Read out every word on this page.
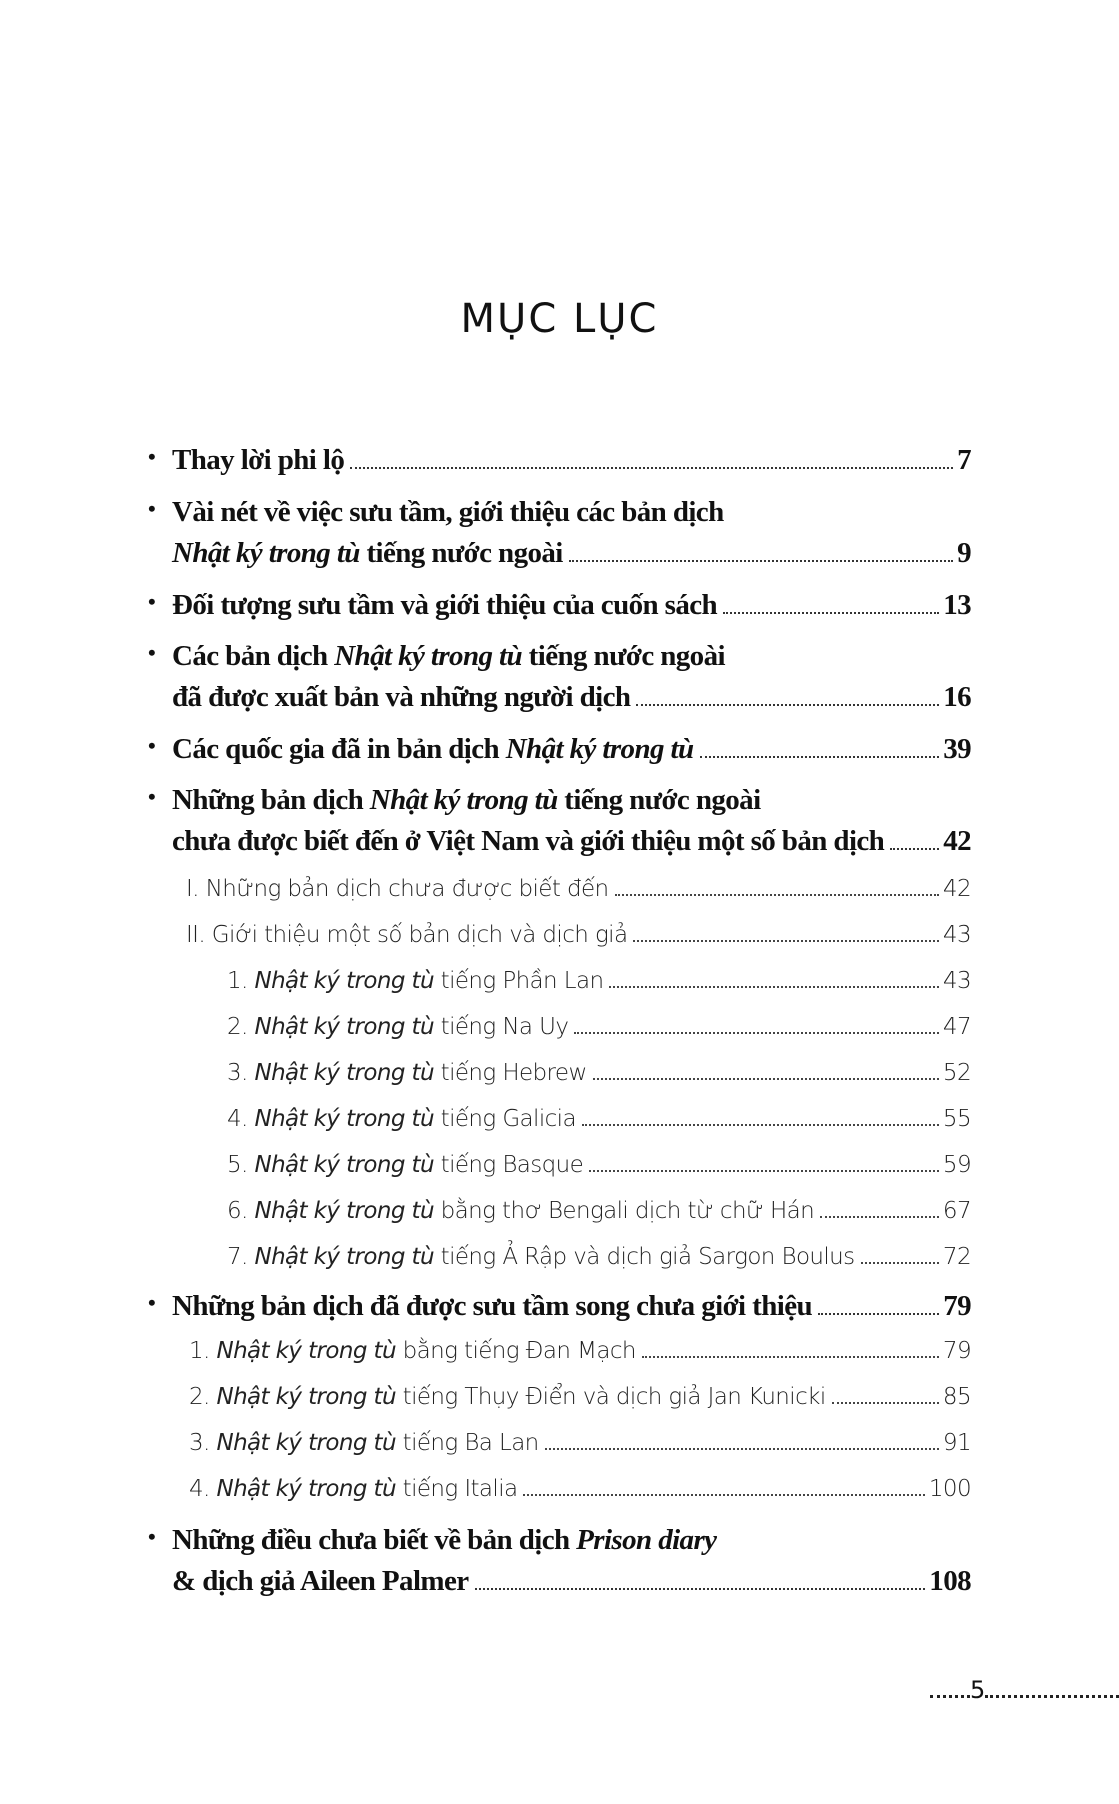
MỤC LỤC
• Thay lời phi lộ	7
• Vài nét về việc sưu tầm, giới thiệu các bản dịch
Nhật ký trong tù tiếng nước ngoài	9
• Đối tượng sưu tầm và giới thiệu của cuốn sách	13
• Các bản dịch Nhật ký trong tù tiếng nước ngoài
đã được xuất bản và những người dịch	16
• Các quốc gia đã in bản dịch Nhật ký trong tù	39
• Những bản dịch Nhật ký trong tù tiếng nước ngoài
chưa được biết đến ở Việt Nam và giới thiệu một số bản dịch 42
I. Những bản dịch chưa được biết đến	42
II. Giới thiệu một số bản dịch và dịch giả	43
1. Nhật ký trong tù tiếng Phần Lan	43
2. Nhật ký trong tù tiếng Na Uy	47
3. Nhật ký trong tù tiếng Hebrew	52
4. Nhật ký trong tù tiếng Galicia	55
5. Nhật ký trong tù tiếng Basque	59
6. Nhật ký trong tù bằng thơ Bengali dịch từ chữ Hán	67
7. Nhật ký trong tù tiếng Ả Rập và dịch giả Sargon Boulus	72
• Những bản dịch đã được sưu tầm song chưa giới thiệu	79
1. Nhật ký trong tù bằng tiếng Đan Mạch	79
2. Nhật ký trong tù tiếng Thụy Điển và dịch giả Jan Kunicki	85
3. Nhật ký trong tù tiếng Ba Lan	91
4. Nhật ký trong tù tiếng Italia	100
• Những điều chưa biết về bản dịch Prison diary
& dịch giả Aileen Palmer	108
5
